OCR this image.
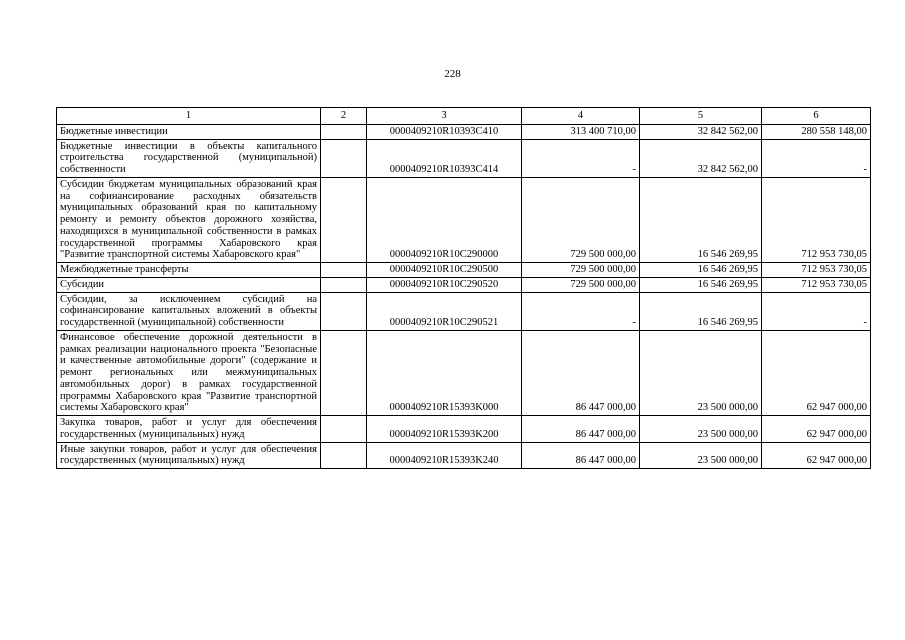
228
1	2	3	4	5	6
Бюджетные инвестиции		0000409210R10393C410	313 400 710,00	32 842 562,00	280 558 148,00
Бюджетные инвестиции в объекты капитального строительства государственной (муниципальной) собственности		0000409210R10393C414	-	32 842 562,00	-
Субсидии бюджетам муниципальных образований края на софинансирование расходных обязательств муниципальных образований края по капитальному ремонту и ремонту объектов дорожного хозяйства, находящихся в муниципальной собственности в рамках государственной программы Хабаровского края "Развитие транспортной системы Хабаровского края"		0000409210R10C290000	729 500 000,00	16 546 269,95	712 953 730,05
Межбюджетные трансферты		0000409210R10C290500	729 500 000,00	16 546 269,95	712 953 730,05
Субсидии		0000409210R10C290520	729 500 000,00	16 546 269,95	712 953 730,05
Субсидии, за исключением субсидий на софинансирование капитальных вложений в объекты государственной (муниципальной) собственности		0000409210R10C290521	-	16 546 269,95	-
Финансовое обеспечение дорожной деятельности в рамках реализации национального проекта "Безопасные и качественные автомобильные дороги" (содержание и ремонт региональных или межмуниципальных автомобильных дорог) в рамках государственной программы Хабаровского края "Развитие транспортной системы Хабаровского края"		0000409210R15393K000	86 447 000,00	23 500 000,00	62 947 000,00
Закупка товаров, работ и услуг для обеспечения государственных (муниципальных) нужд		0000409210R15393K200	86 447 000,00	23 500 000,00	62 947 000,00
Иные закупки товаров, работ и услуг для обеспечения государственных (муниципальных) нужд		0000409210R15393K240	86 447 000,00	23 500 000,00	62 947 000,00
